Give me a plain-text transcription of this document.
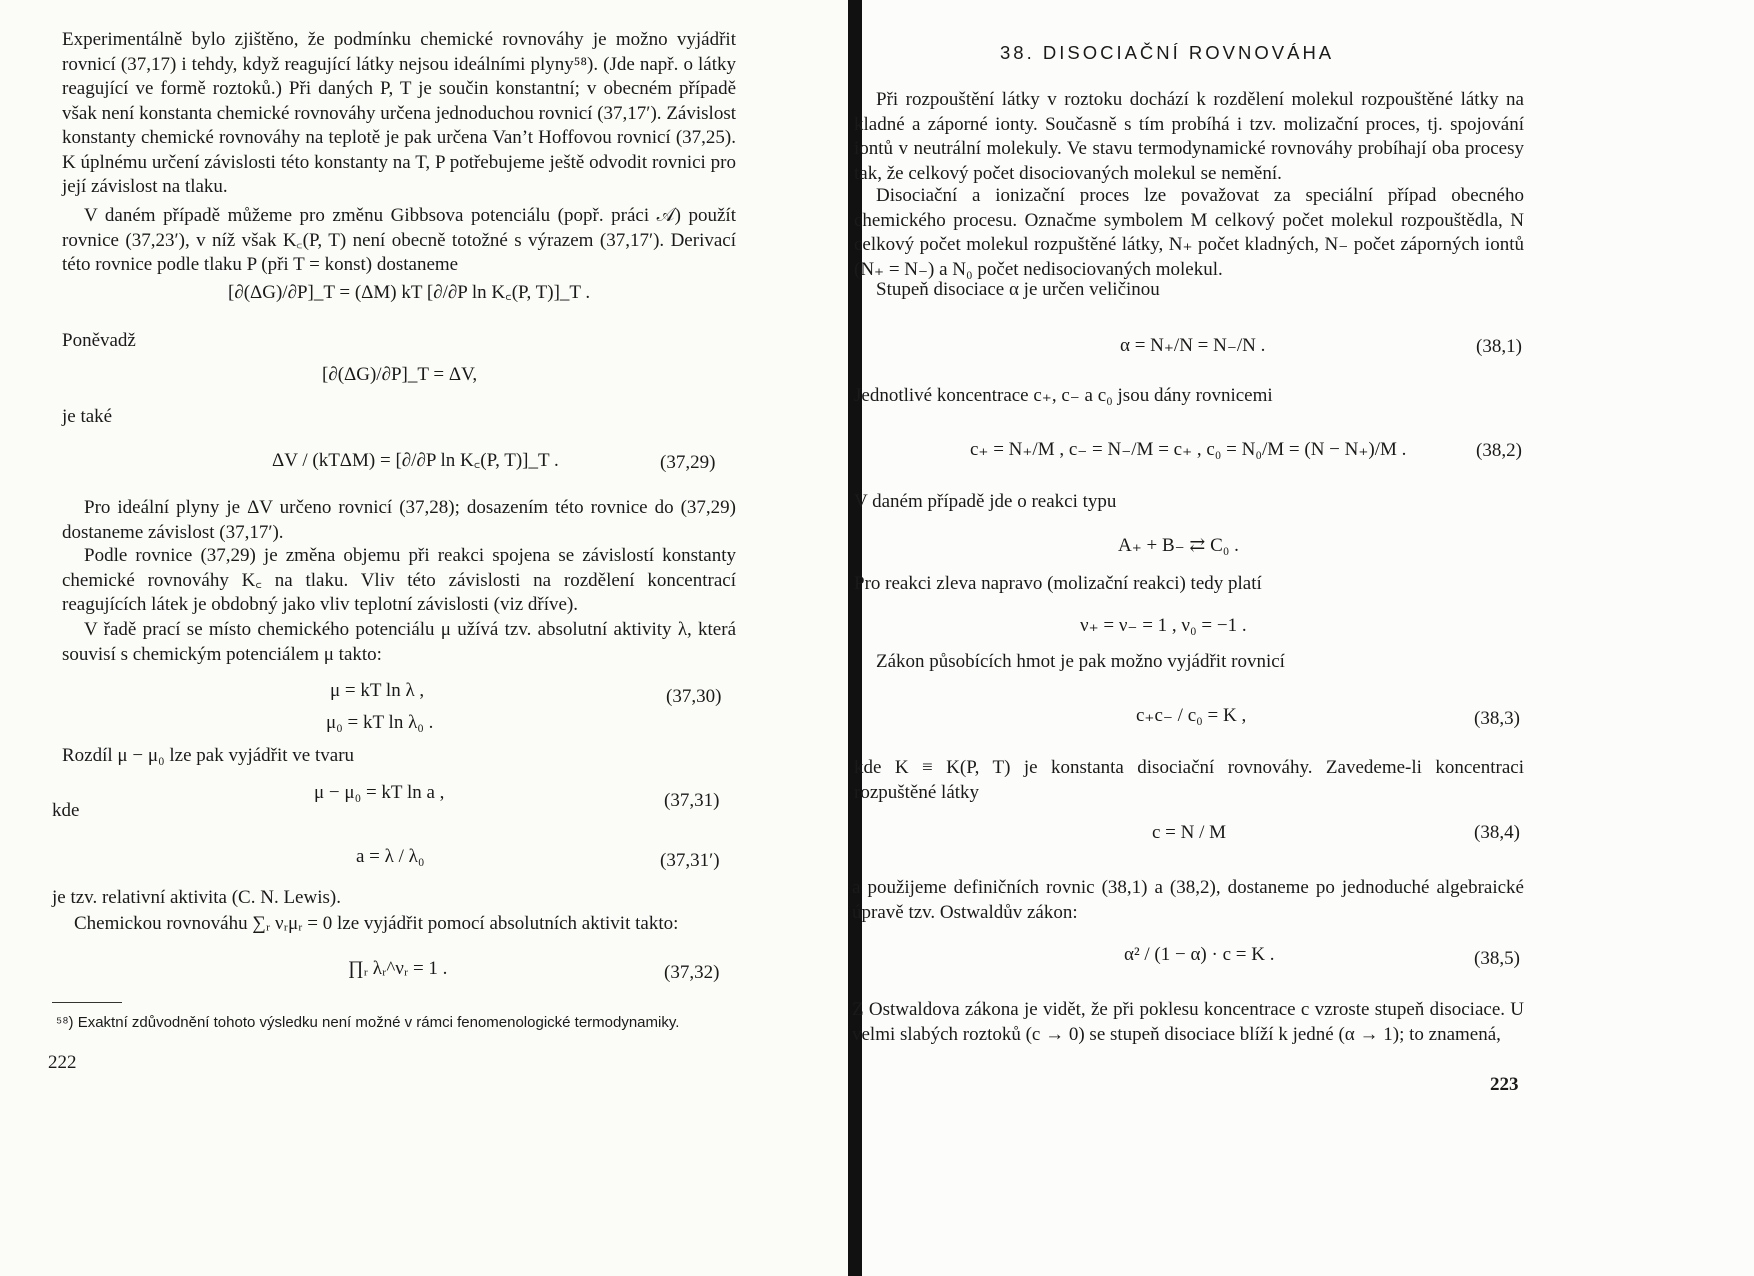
Experimentálně bylo zjištěno, že podmínku chemické rovnováhy je možno vyjádřit rovnicí (37,17) i tehdy, když reagující látky nejsou ideálními plyny⁵⁸). (Jde např. o látky reagující ve formě roztoků.) Při daných P, T je součin konstantní; v obecném případě však není konstanta chemické rovnováhy určena jednoduchou rovnicí (37,17′). Závislost konstanty chemické rovnováhy na teplotě je pak určena Van’t Hoffovou rovnicí (37,25). K úplnému určení závislosti této konstanty na T, P potřebujeme ještě odvodit rovnici pro její závislost na tlaku.

V daném případě můžeme pro změnu Gibbsova potenciálu (popř. práci 𝒜) použít rovnice (37,23′), v níž však K꜀(P, T) není obecně totožné s výrazem (37,17′). Derivací této rovnice podle tlaku P (při T = konst) dostaneme

[∂(ΔG)/∂P]_T = (ΔM) kT [∂/∂P ln K꜀(P, T)]_T .
Poněvadž
[∂(ΔG)/∂P]_T = ΔV,
je také
ΔV / (kTΔM) = [∂/∂P ln K꜀(P, T)]_T .	(37,29)

Pro ideální plyny je ΔV určeno rovnicí (37,28); dosazením této rovnice do (37,29) dostaneme závislost (37,17′).

Podle rovnice (37,29) je změna objemu při reakci spojena se závislostí konstanty chemické rovnováhy K꜀ na tlaku. Vliv této závislosti na rozdělení koncentrací reagujících látek je obdobný jako vliv teplotní závislosti (viz dříve).

V řadě prací se místo chemického potenciálu μ užívá tzv. absolutní aktivity λ, která souvisí s chemickým potenciálem μ takto:

μ = kT ln λ ,
μ₀ = kT ln λ₀ .
(37,30)

Rozdíl μ − μ₀ lze pak vyjádřit ve tvaru

kde
μ − μ₀ = kT ln a ,	(37,31)
a = λ / λ₀	(37,31′)

je tzv. relativní aktivita (C. N. Lewis).

Chemickou rovnováhu ∑ᵣ νᵣμᵣ = 0 lze vyjádřit pomocí absolutních aktivit takto:

∏ᵣ λᵣ^νᵣ = 1 .	(37,32)
⁵⁸) Exaktní zdůvodnění tohoto výsledku není možné v rámci fenomenologické termodynamiky.
222
38. DISOCIAČNÍ ROVNOVÁHA

Při rozpouštění látky v roztoku dochází k rozdělení molekul rozpouštěné látky na kladné a záporné ionty. Současně s tím probíhá i tzv. molizační proces, tj. spojování iontů v neutrální molekuly. Ve stavu termodynamické rovnováhy probíhají oba procesy tak, že celkový počet disociovaných molekul se nemění.

Disociační a ionizační proces lze považovat za speciální případ obecného chemického procesu. Označme symbolem M celkový počet molekul rozpouštědla, N celkový počet molekul rozpuštěné látky, N₊ počet kladných, N₋ počet záporných iontů (N₊ = N₋) a N₀ počet nedisociovaných molekul.

Stupeň disociace α je určen veličinou

α = N₊/N = N₋/N .	(38,1)

Jednotlivé koncentrace c₊, c₋ a c₀ jsou dány rovnicemi

c₊ = N₊/M , c₋ = N₋/M = c₊ , c₀ = N₀/M = (N − N₊)/M .	(38,2)

V daném případě jde o reakci typu

A₊ + B₋ ⇄ C₀ .

Pro reakci zleva napravo (molizační reakci) tedy platí

ν₊ = ν₋ = 1 , ν₀ = −1 .

Zákon působících hmot je pak možno vyjádřit rovnicí

c₊c₋ / c₀ = K ,	(38,3)

kde K ≡ K(P, T) je konstanta disociační rovnováhy. Zavedeme-li koncentraci rozpuštěné látky

c = N / M	(38,4)

a použijeme definičních rovnic (38,1) a (38,2), dostaneme po jednoduché algebraické úpravě tzv. Ostwaldův zákon:

α² / (1 − α) · c = K .	(38,5)

Z Ostwaldova zákona je vidět, že při poklesu koncentrace c vzroste stupeň disociace. U velmi slabých roztoků (c → 0) se stupeň disociace blíží k jedné (α → 1); to znamená,

223
